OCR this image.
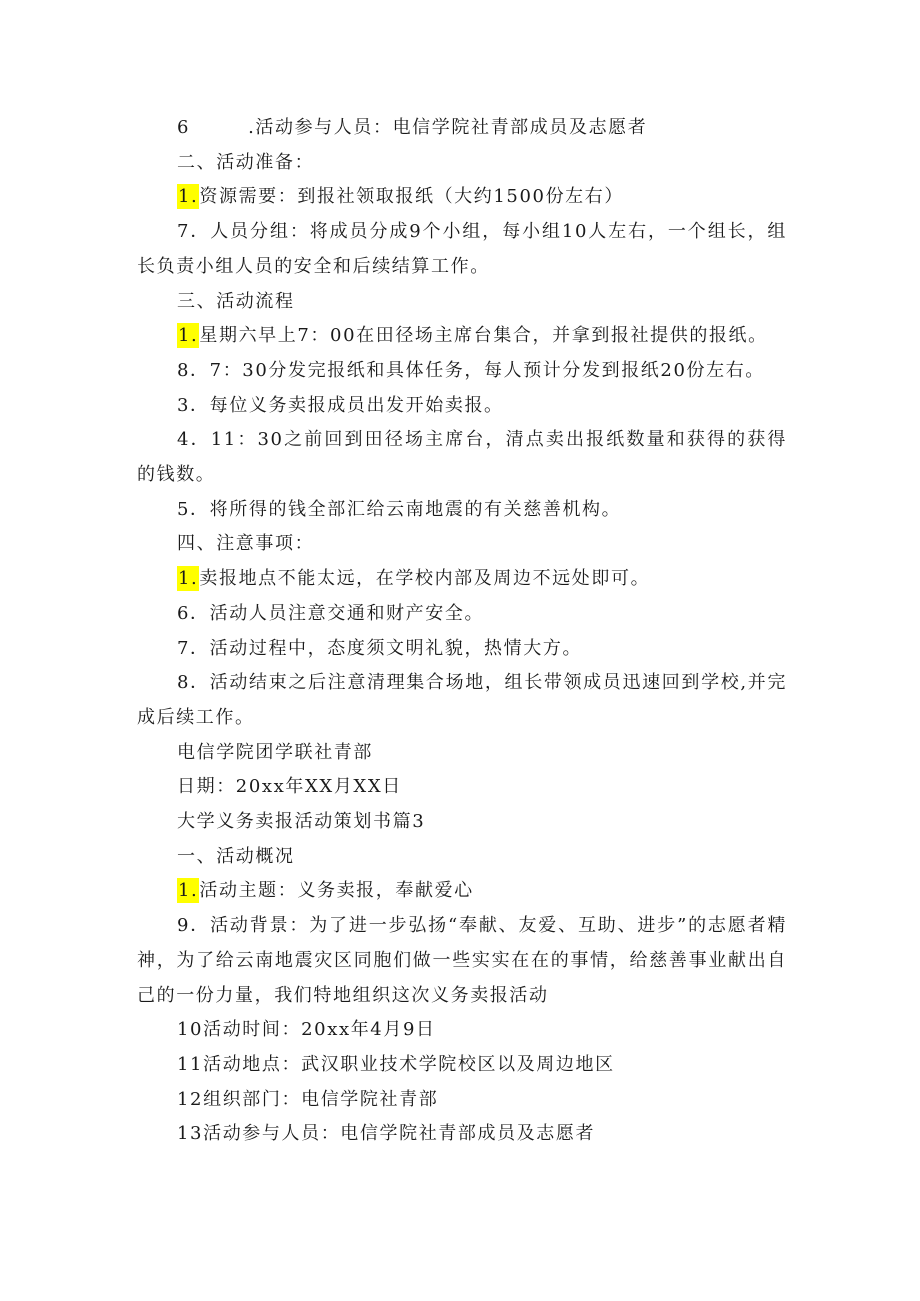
6	.活动参与人员：电信学院社青部成员及志愿者
二、活动准备：
1.资源需要：到报社领取报纸（大约1500份左右）
7．人员分组：将成员分成9个小组，每小组10人左右，一个组长，组长负责小组人员的安全和后续结算工作。
三、活动流程
1.星期六早上7：00在田径场主席台集合，并拿到报社提供的报纸。
8．7：30分发完报纸和具体任务，每人预计分发到报纸20份左右。
3．每位义务卖报成员出发开始卖报。
4．11：30之前回到田径场主席台，清点卖出报纸数量和获得的获得的钱数。
5．将所得的钱全部汇给云南地震的有关慈善机构。
四、注意事项：
1.卖报地点不能太远，在学校内部及周边不远处即可。
6．活动人员注意交通和财产安全。
7．活动过程中，态度须文明礼貌，热情大方。
8．活动结束之后注意清理集合场地，组长带领成员迅速回到学校,并完成后续工作。
电信学院团学联社青部
日期：20xx年XX月XX日
大学义务卖报活动策划书篇3
一、活动概况
1.活动主题：义务卖报，奉献爱心
9．活动背景：为了进一步弘扬“奉献、友爱、互助、进步”的志愿者精神，为了给云南地震灾区同胞们做一些实实在在的事情，给慈善事业献出自己的一份力量，我们特地组织这次义务卖报活动
10活动时间：20xx年4月9日
11活动地点：武汉职业技术学院校区以及周边地区
12组织部门：电信学院社青部
13活动参与人员：电信学院社青部成员及志愿者
